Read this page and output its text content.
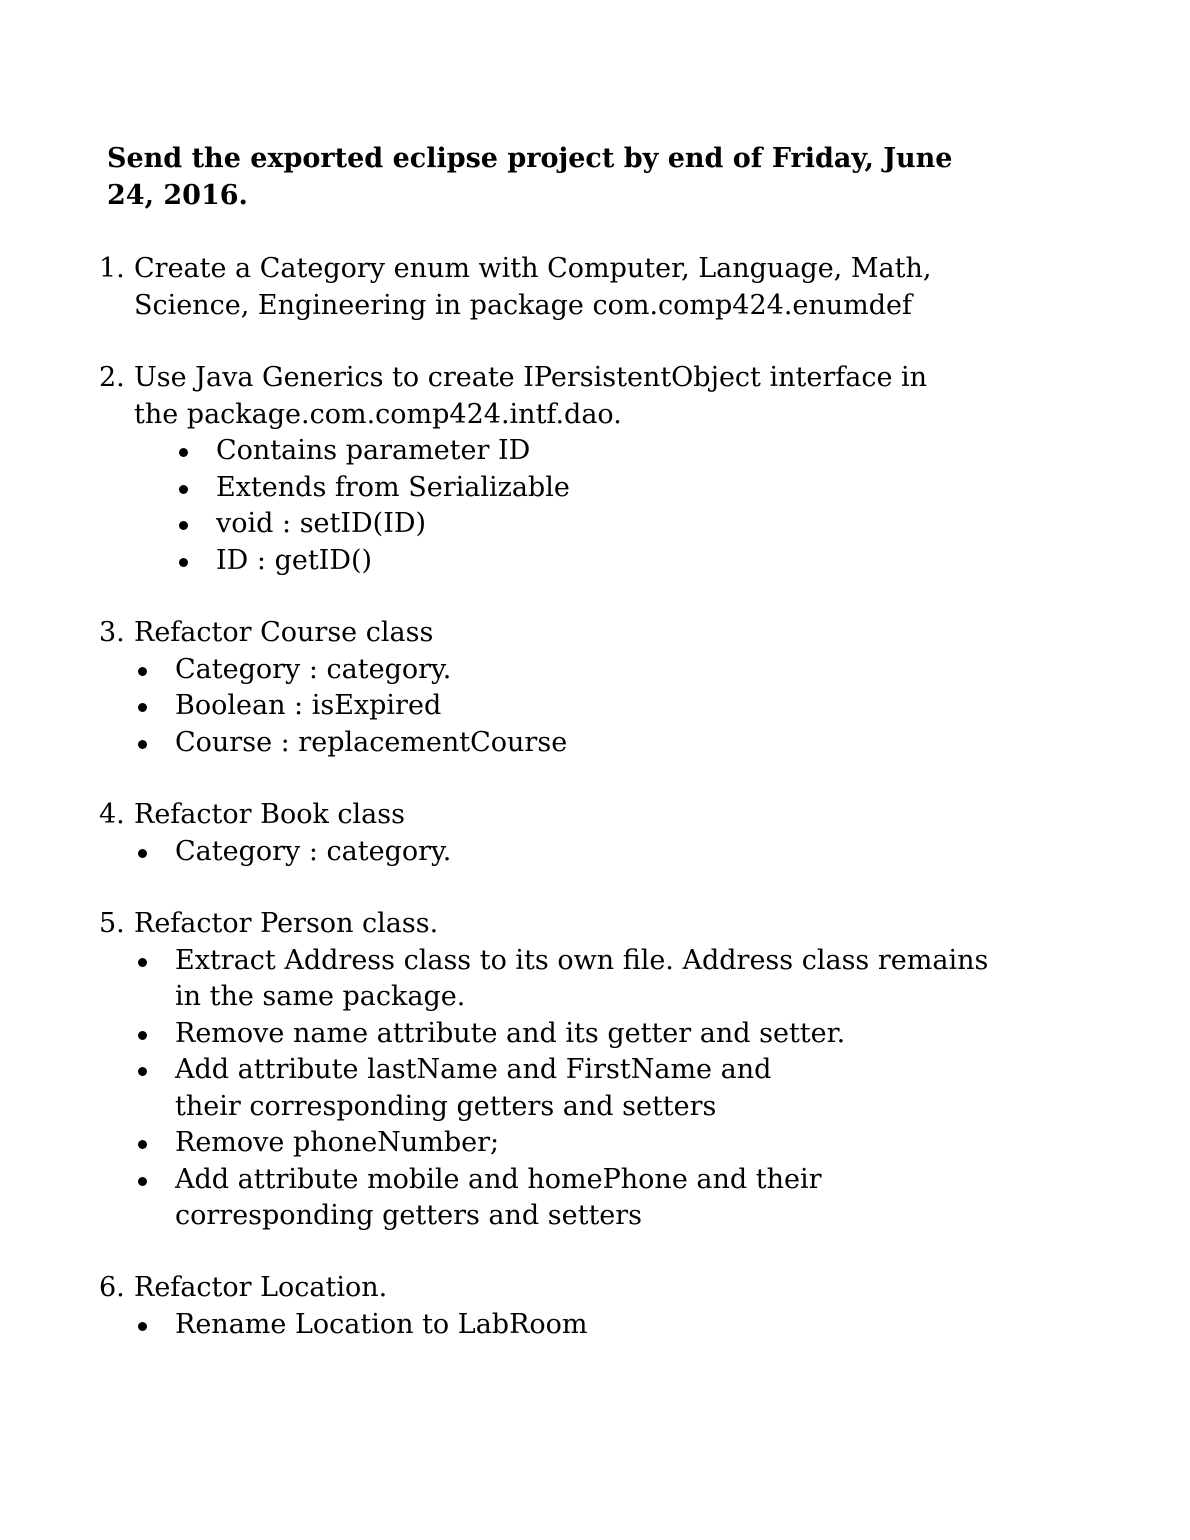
Send the exported eclipse project by end of Friday, June 24, 2016.

1. Create a Category enum with Computer, Language, Math, Science, Engineering in package com.comp424.enumdef
2. Use Java Generics to create IPersistentObject interface in the package.com.comp424.intf.dao.
Contains parameter ID
Extends from Serializable
void : setID(ID)
ID : getID()
3. Refactor Course class
Category : category.
Boolean : isExpired
Course : replacementCourse
4. Refactor Book class
Category : category.
5. Refactor Person class.
Extract Address class to its own file. Address class remains in the same package.
Remove name attribute and its getter and setter.
Add attribute lastName and FirstName and their corresponding getters and setters
Remove phoneNumber;
Add attribute mobile and homePhone and their corresponding getters and setters
6. Refactor Location.
Rename Location to LabRoom
